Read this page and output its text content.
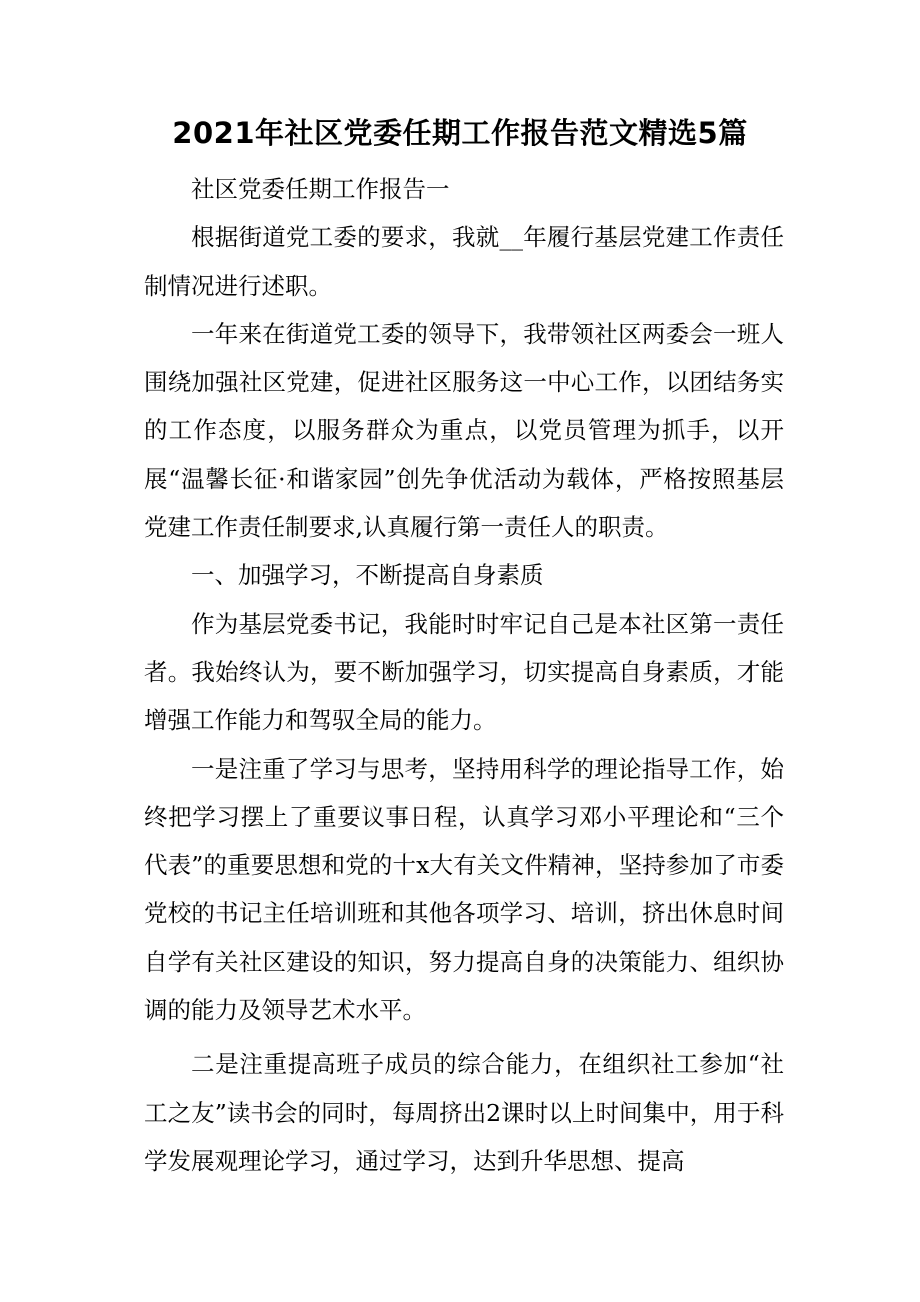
2021年社区党委任期工作报告范文精选5篇

社区党委任期工作报告一

根据街道党工委的要求，我就__年履行基层党建工作责任制情况进行述职。

一年来在街道党工委的领导下，我带领社区两委会一班人围绕加强社区党建，促进社区服务这一中心工作，以团结务实的工作态度，以服务群众为重点，以党员管理为抓手，以开展“温馨长征·和谐家园”创先争优活动为载体，严格按照基层党建工作责任制要求,认真履行第一责任人的职责。

一、加强学习，不断提高自身素质

作为基层党委书记，我能时时牢记自己是本社区第一责任者。我始终认为，要不断加强学习，切实提高自身素质，才能增强工作能力和驾驭全局的能力。

一是注重了学习与思考，坚持用科学的理论指导工作，始终把学习摆上了重要议事日程，认真学习邓小平理论和“三个代表”的重要思想和党的十x大有关文件精神，坚持参加了市委党校的书记主任培训班和其他各项学习、培训，挤出休息时间自学有关社区建设的知识，努力提高自身的决策能力、组织协调的能力及领导艺术水平。

二是注重提高班子成员的综合能力，在组织社工参加“社工之友”读书会的同时，每周挤出2课时以上时间集中，用于科学发展观理论学习，通过学习，达到升华思想、提高
